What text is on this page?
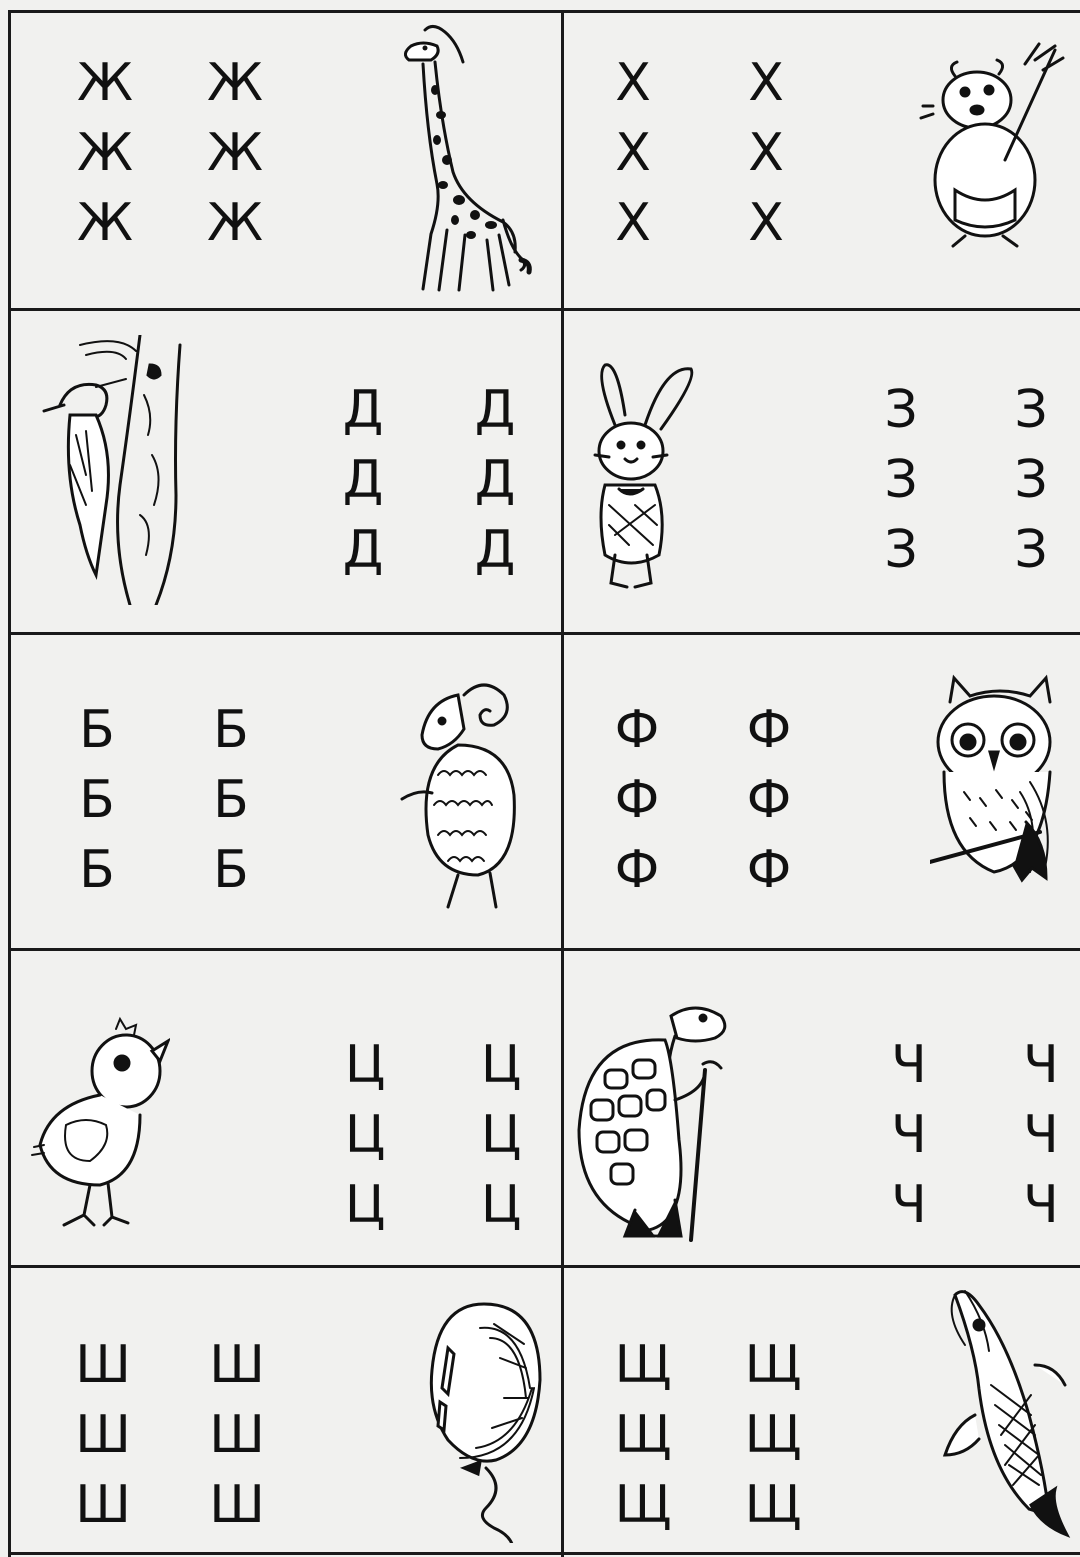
Ж
Ж
Ж
Ж
Ж
Ж
Х
Х
Х
Х
Х
Х
Д
Д
Д
Д
Д
Д
З
З
З
З
З
З
Б
Б
Б
Б
Б
Б
Ф
Ф
Ф
Ф
Ф
Ф
Ц
Ц
Ц
Ц
Ц
Ц
Ч
Ч
Ч
Ч
Ч
Ч
Ш
Ш
Ш
Ш
Ш
Ш
Щ
Щ
Щ
Щ
Щ
Щ
